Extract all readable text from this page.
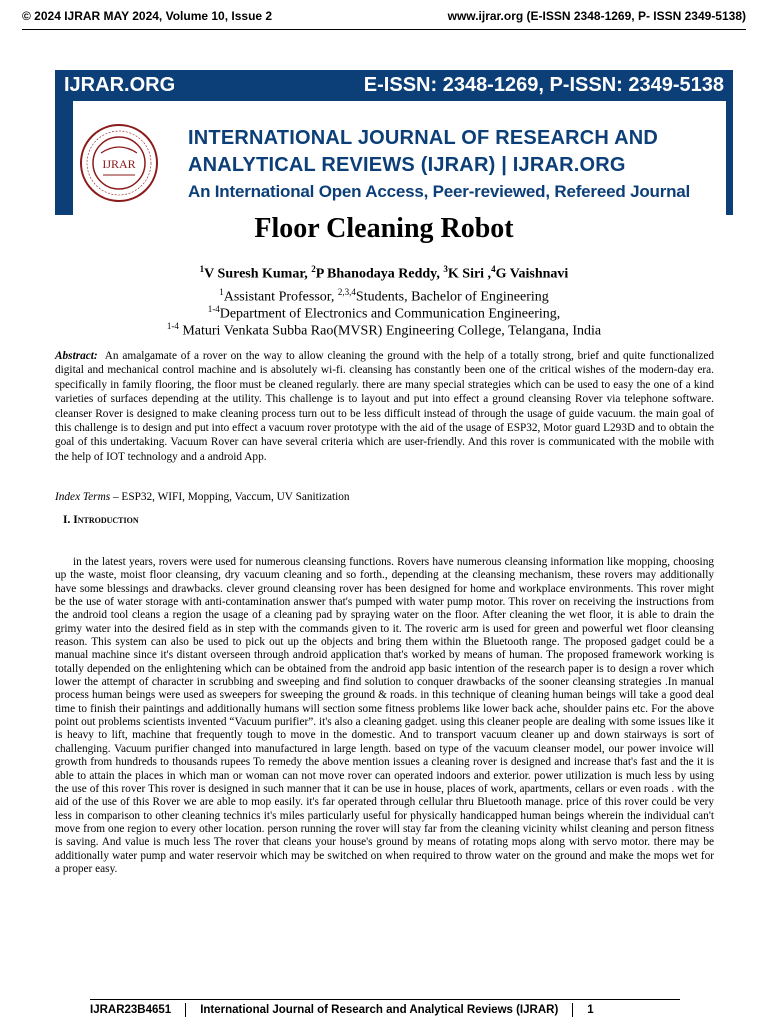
© 2024 IJRAR MAY 2024, Volume 10, Issue 2	www.ijrar.org (E-ISSN 2348-1269, P- ISSN 2349-5138)
IJRAR.ORG	E-ISSN: 2348-1269, P-ISSN: 2349-5138
IJRAR
INTERNATIONAL JOURNAL OF RESEARCH AND
ANALYTICAL REVIEWS (IJRAR) | IJRAR.ORG
An International Open Access, Peer-reviewed, Refereed Journal
Floor Cleaning Robot
$^1$V Suresh Kumar, $^2$P Bhanodaya Reddy, $^3$K Siri ,$^4$G Vaishnavi
$^1$Assistant Professor, $^{2,3,4}$Students, Bachelor of Engineering
$^{1-4}$Department of Electronics and Communication Engineering,
$^{1-4}$ Maturi Venkata Subba Rao(MVSR) Engineering College, Telangana, India
Abstract: An amalgamate of a rover on the way to allow cleaning the ground with the help of a totally strong, brief and quite functionalized digital and mechanical control machine and is absolutely wi-fi. cleansing has constantly been one of the critical wishes of the modern-day era. specifically in family flooring, the floor must be cleaned regularly. there are many special strategies which can be used to easy the one of a kind varieties of surfaces depending at the utility. This challenge is to layout and put into effect a ground cleansing Rover via telephone software. cleanser Rover is designed to make cleaning process turn out to be less difficult instead of through the usage of guide vacuum. the main goal of this challenge is to design and put into effect a vacuum rover prototype with the aid of the usage of ESP32, Motor guard L293D and to obtain the goal of this undertaking. Vacuum Rover can have several criteria which are user-friendly. And this rover is communicated with the mobile with the help of IOT technology and a android App.
Index Terms – ESP32, WIFI, Mopping, Vaccum, UV Sanitization
I. Introduction
in the latest years, rovers were used for numerous cleansing functions. Rovers have numerous cleansing information like mopping, choosing up the waste, moist floor cleansing, dry vacuum cleaning and so forth., depending at the cleansing mechanism, these rovers may additionally have some blessings and drawbacks. clever ground cleansing rover has been designed for home and workplace environments. This rover might be the use of water storage with anti-contamination answer that's pumped with water pump motor. This rover on receiving the instructions from the android tool cleans a region the usage of a cleaning pad by spraying water on the floor. After cleaning the wet floor, it is able to drain the grimy water into the desired field as in step with the commands given to it. The roveric arm is used for green and powerful wet floor cleansing reason. This system can also be used to pick out up the objects and bring them within the Bluetooth range. The proposed gadget could be a manual machine since it's distant overseen through android application that's worked by means of human. The proposed framework working is totally depended on the enlightening which can be obtained from the android app basic intention of the research paper is to design a rover which lower the attempt of character in scrubbing and sweeping and find solution to conquer drawbacks of the sooner cleansing strategies .In manual process human beings were used as sweepers for sweeping the ground & roads. in this technique of cleaning human beings will take a good deal time to finish their paintings and additionally humans will section some fitness problems like lower back ache, shoulder pains etc. For the above point out problems scientists invented “Vacuum purifier”. it's also a cleaning gadget. using this cleaner people are dealing with some issues like it is heavy to lift, machine that frequently tough to move in the domestic. And to transport vacuum cleaner up and down stairways is sort of challenging. Vacuum purifier changed into manufactured in large length. based on type of the vacuum cleanser model, our power invoice will growth from hundreds to thousands rupees To remedy the above mention issues a cleaning rover is designed and increase that's fast and the it is able to attain the places in which man or woman can not move rover can operated indoors and exterior. power utilization is much less by using the use of this rover This rover is designed in such manner that it can be use in house, places of work, apartments, cellars or even roads . with the aid of the use of this Rover we are able to mop easily. it's far operated through cellular thru Bluetooth manage. price of this rover could be very less in comparison to other cleaning technics it's miles particularly useful for physically handicapped human beings wherein the individual can't move from one region to every other location. person running the rover will stay far from the cleaning vicinity whilst cleaning and person fitness is saving. And value is much less The rover that cleans your house's ground by means of rotating mops along with servo motor. there may be additionally water pump and water reservoir which may be switched on when required to throw water on the ground and make the mops wet for a proper easy.
IJRAR23B4651	International Journal of Research and Analytical Reviews (IJRAR)	1
